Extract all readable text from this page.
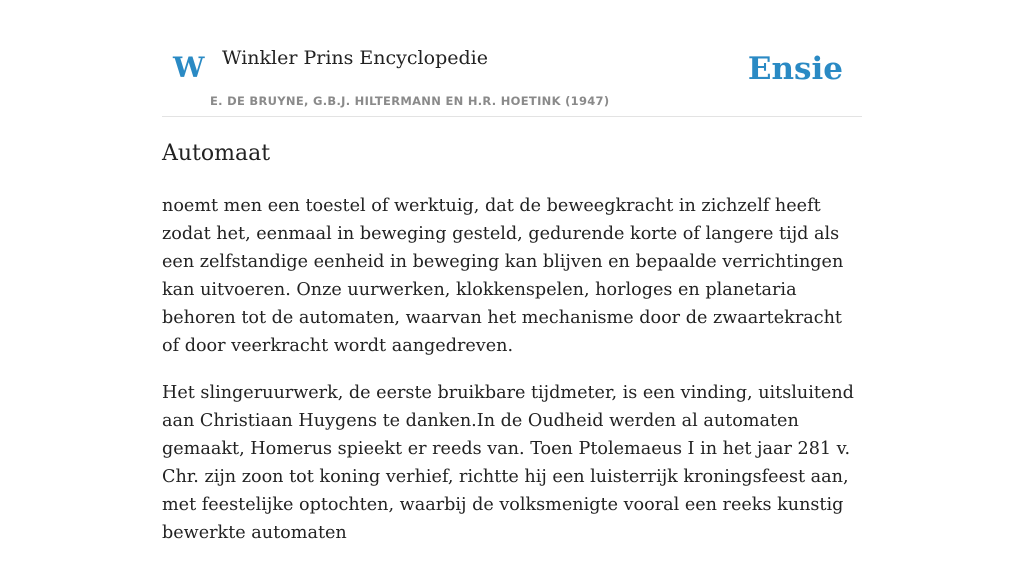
W Winkler Prins Encyclopedie
E. DE BRUYNE, G.B.J. HILTERMANN EN H.R. HOETINK (1947)
Ensie
Automaat

noemt men een toestel of werktuig, dat de beweegkracht in zichzelf heeft zodat het, eenmaal in beweging gesteld, gedurende korte of langere tijd als een zelfstandige eenheid in beweging kan blijven en bepaalde verrichtingen kan uitvoeren. Onze uurwerken, klokkenspelen, horloges en planetaria behoren tot de automaten, waarvan het mechanisme door de zwaartekracht of door veerkracht wordt aangedreven.

Het slingeruurwerk, de eerste bruikbare tijdmeter, is een vinding, uitsluitend aan Christiaan Huygens te danken.In de Oudheid werden al automaten gemaakt, Homerus spieekt er reeds van. Toen Ptolemaeus I in het jaar 281 v. Chr. zijn zoon tot koning verhief, richtte hij een luisterrijk kroningsfeest aan, met feestelijke optochten, waarbij de volksmenigte vooral een reeks kunstig bewerkte automaten
